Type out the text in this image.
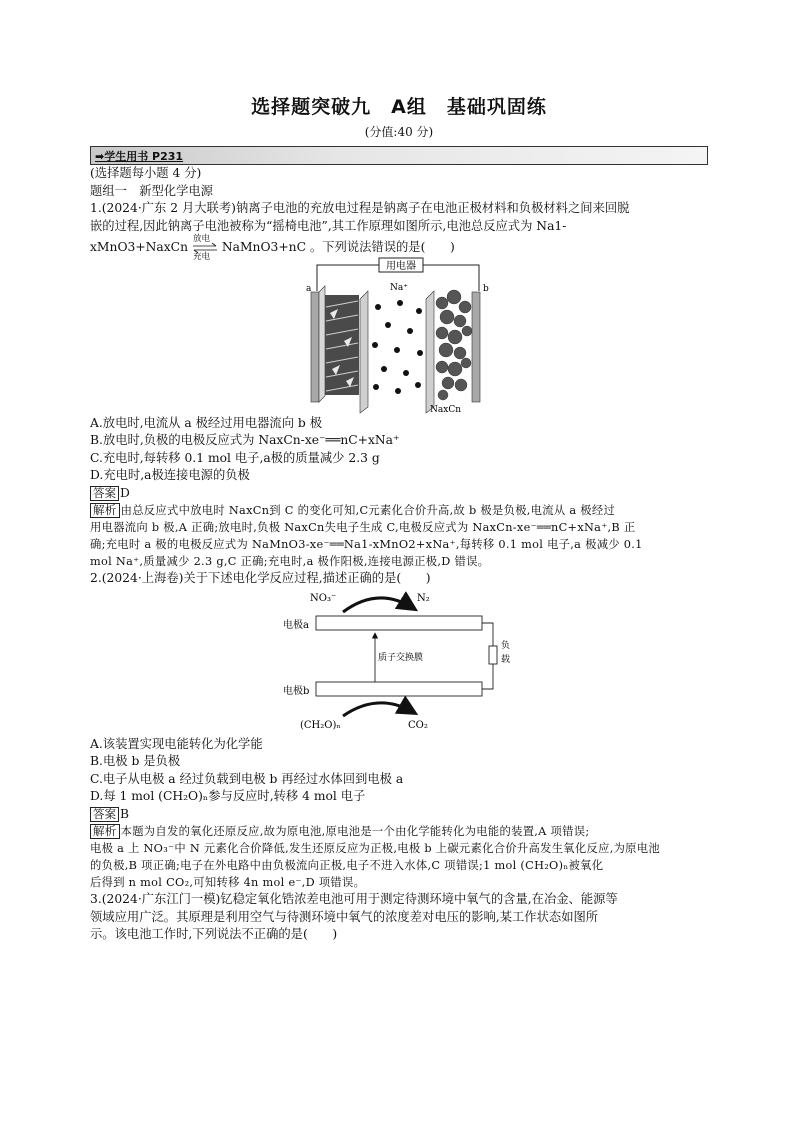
选择题突破九　A组　基础巩固练
(分值:40 分)
➡学生用书 P231
(选择题每小题 4 分)
题组一　新型化学电源
1.(2024·广东 2 月大联考)钠离子电池的充放电过程是钠离子在电池正极材料和负极材料之间来回脱
嵌的过程,因此钠离子电池被称为“摇椅电池”,其工作原理如图所示,电池总反应式为 Na1-
xMnO3+NaxCn
放电
充电
NaMnO3+nC 。下列说法错误的是(　　)
用电器
a	b
Na⁺
NaxCn
A.放电时,电流从 a 极经过用电器流向 b 极
B.放电时,负极的电极反应式为 NaxCn-xe⁻══nC+xNa⁺
C.充电时,每转移 0.1 mol 电子,a极的质量减少 2.3 g
D.充电时,a极连接电源的负极
答案 D
解析 由总反应式中放电时 NaxCn到 C 的变化可知,C元素化合价升高,故 b 极是负极,电流从 a 极经过
用电器流向 b 极,A 正确;放电时,负极 NaxCn失电子生成 C,电极反应式为 NaxCn-xe⁻══nC+xNa⁺,B 正
确;充电时 a 极的电极反应式为 NaMnO3-xe⁻══Na1-xMnO2+xNa⁺,每转移 0.1 mol 电子,a 极减少 0.1
mol Na⁺,质量减少 2.3 g,C 正确;充电时,a 极作阳极,连接电源正极,D 错误。
2.(2024·上海卷)关于下述电化学反应过程,描述正确的是(　　)
NO₃⁻	N₂
电极a
质子交换膜
负
载
电极b
(CH₂O)ₙ	CO₂
A.该装置实现电能转化为化学能
B.电极 b 是负极
C.电子从电极 a 经过负载到电极 b 再经过水体回到电极 a
D.每 1 mol (CH₂O)ₙ参与反应时,转移 4 mol 电子
答案 B
解析 本题为自发的氧化还原反应,故为原电池,原电池是一个由化学能转化为电能的装置,A 项错误;
电极 a 上 NO₃⁻中 N 元素化合价降低,发生还原反应为正极,电极 b 上碳元素化合价升高发生氧化反应,为原电池
的负极,B 项正确;电子在外电路中由负极流向正极,电子不进入水体,C 项错误;1 mol (CH₂O)ₙ被氧化
后得到 n mol CO₂,可知转移 4n mol e⁻,D 项错误。
3.(2024·广东江门一模)钇稳定氧化锆浓差电池可用于测定待测环境中氧气的含量,在冶金、能源等
领域应用广泛。其原理是利用空气与待测环境中氧气的浓度差对电压的影响,某工作状态如图所
示。该电池工作时,下列说法不正确的是(　　)
